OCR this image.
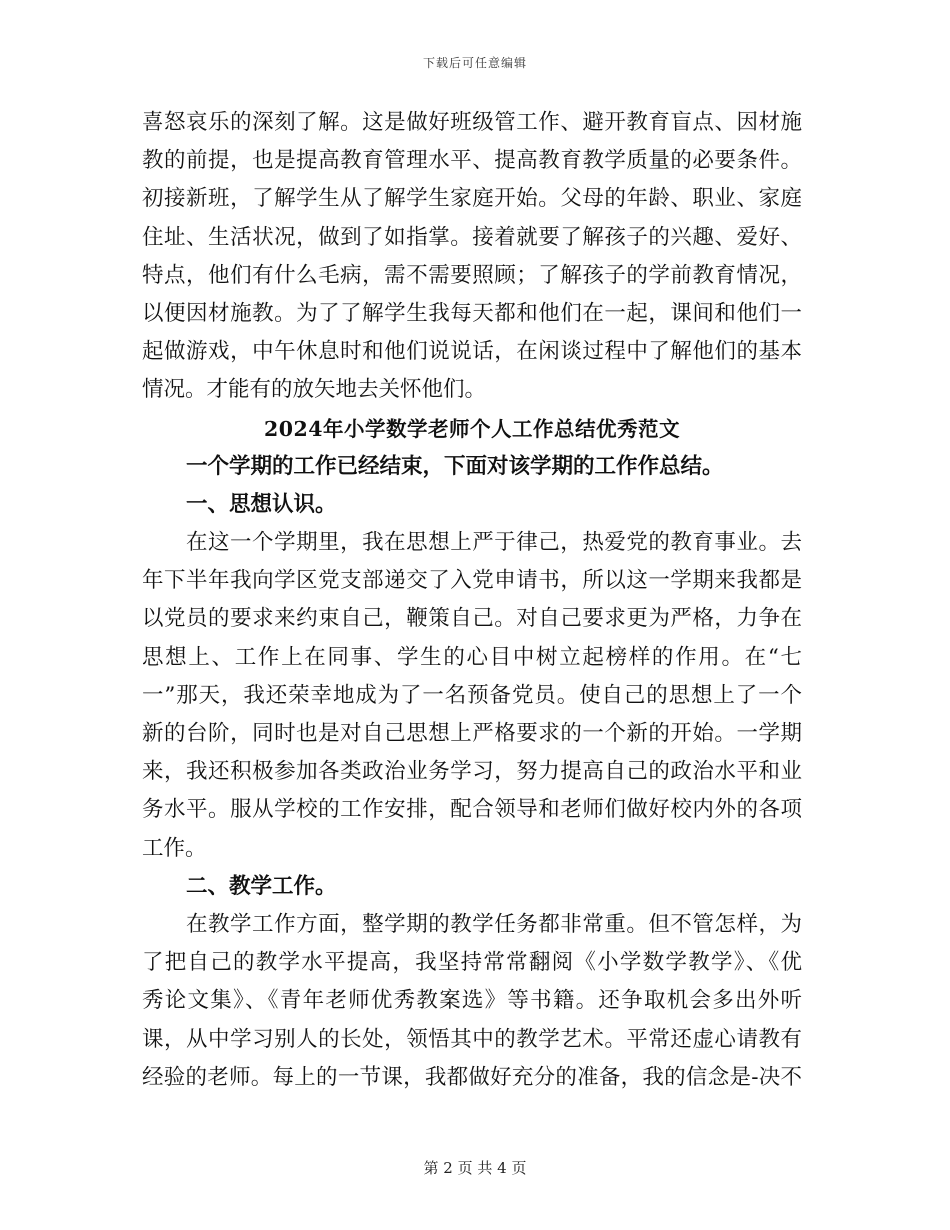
下载后可任意编辑
喜怒哀乐的深刻了解。这是做好班级管工作、避开教育盲点、因材施
教的前提，也是提高教育管理水平、提高教育教学质量的必要条件。
初接新班，了解学生从了解学生家庭开始。父母的年龄、职业、家庭
住址、生活状况，做到了如指掌。接着就要了解孩子的兴趣、爱好、
特点，他们有什么毛病，需不需要照顾；了解孩子的学前教育情况，
以便因材施教。为了了解学生我每天都和他们在一起，课间和他们一
起做游戏，中午休息时和他们说说话，在闲谈过程中了解他们的基本
情况。才能有的放矢地去关怀他们。
2024年小学数学老师个人工作总结优秀范文
一个学期的工作已经结束，下面对该学期的工作作总结。
一、思想认识。
在这一个学期里，我在思想上严于律己，热爱党的教育事业。去
年下半年我向学区党支部递交了入党申请书，所以这一学期来我都是
以党员的要求来约束自己，鞭策自己。对自己要求更为严格，力争在
思想上、工作上在同事、学生的心目中树立起榜样的作用。在“七
一”那天，我还荣幸地成为了一名预备党员。使自己的思想上了一个
新的台阶，同时也是对自己思想上严格要求的一个新的开始。一学期
来，我还积极参加各类政治业务学习，努力提高自己的政治水平和业
务水平。服从学校的工作安排，配合领导和老师们做好校内外的各项
工作。
二、教学工作。
在教学工作方面，整学期的教学任务都非常重。但不管怎样，为
了把自己的教学水平提高，我坚持常常翻阅《小学数学教学》、《优
秀论文集》、《青年老师优秀教案选》等书籍。还争取机会多出外听
课，从中学习别人的长处，领悟其中的教学艺术。平常还虚心请教有
经验的老师。每上的一节课，我都做好充分的准备，我的信念是-决不
第 2 页 共 4 页
